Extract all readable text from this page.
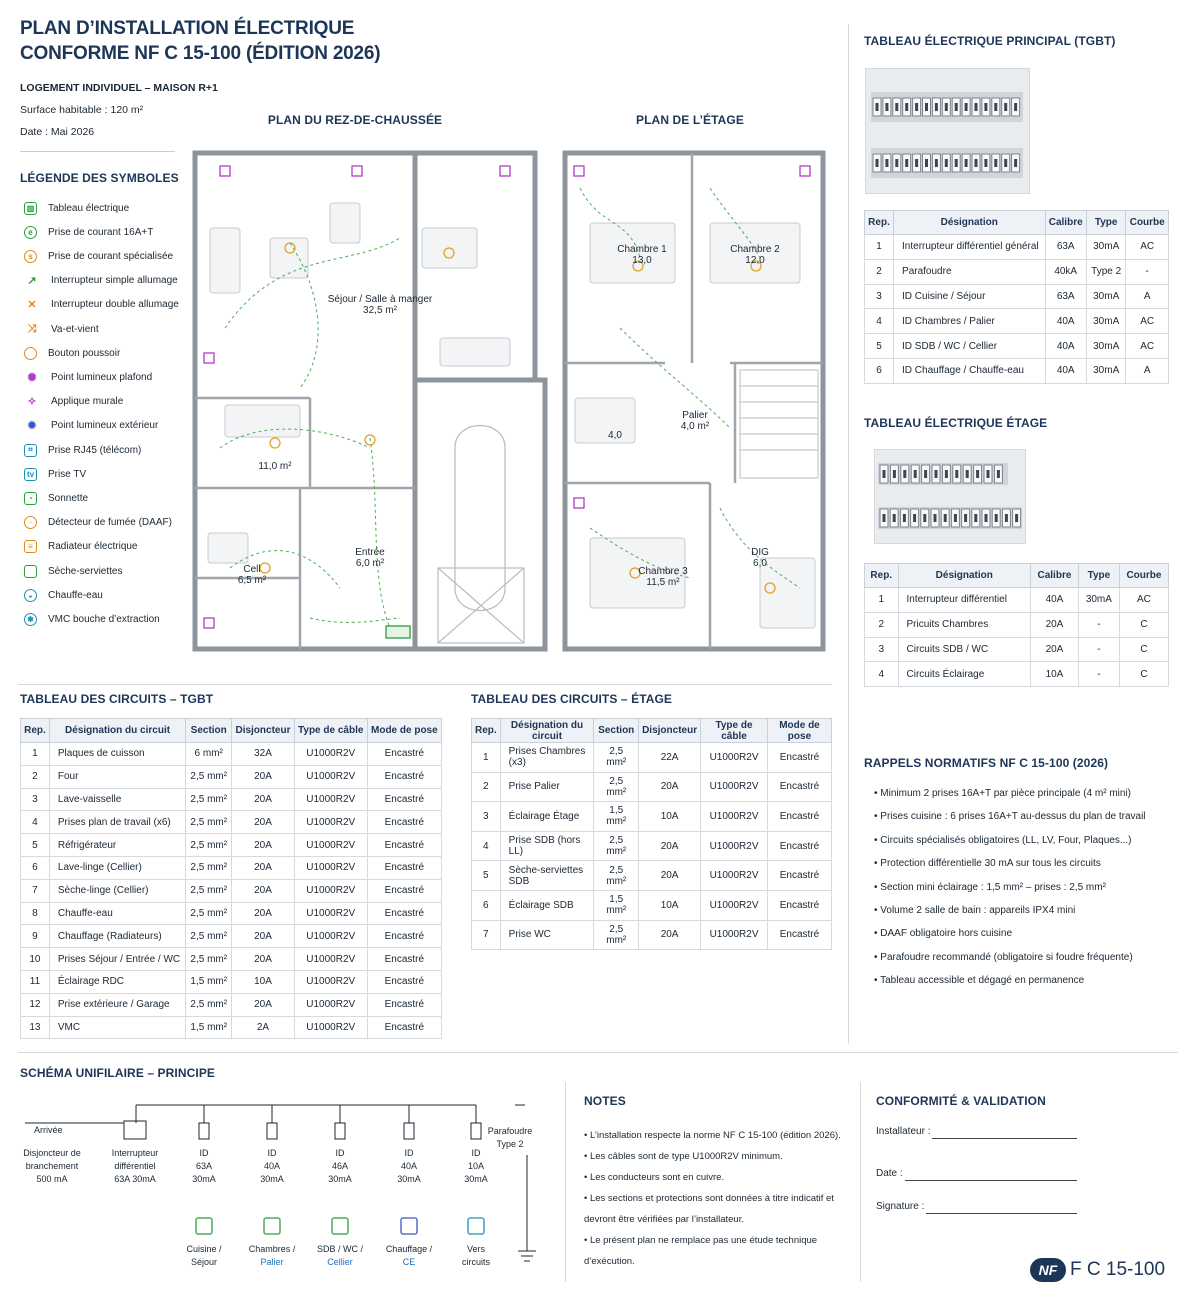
PLAN D’INSTALLATION ÉLECTRIQUE
CONFORME NF C 15-100 (ÉDITION 2026)
LOGEMENT INDIVIDUEL – MAISON R+1
Surface habitable : 120 m²
Date : Mai 2026
LÉGENDE DES SYMBOLES
▥ Tableau électrique
e	Prise de courant 16A+T
s	Prise de courant spécialisée
↗	Interrupteur simple allumage
✕	Interrupteur double allumage
⤨	Va-et-vient
Bouton poussoir
✺	Point lumineux plafond
✧	Applique murale
✹	Point lumineux extérieur
⌗	Prise RJ45 (télécom)
tv Prise TV
◔	Sonnette
◦	Détecteur de fumée (DAAF)
≡	Radiateur électrique
Sèche-serviettes
◒	Chauffe-eau
✱	VMC bouche d’extraction
PLAN DU REZ-DE-CHAUSSÉE	PLAN DE L’ÉTAGE
Séjour / Salle à manger
32,5 m²
11,0 m²
Entrée
6,0 m²
Cell
6,5 m²
Chambre 1
13,0
Chambre 2
12,0
Palier
4,0 m²
Chambre 3
11,5 m²
DIG
6,0
4,0
TABLEAU ÉLECTRIQUE PRINCIPAL (TGBT)
Rep.	Désignation	Calibre	Type	Courbe
1	Interrupteur différentiel général	63A	30mA	AC
2	Parafoudre	40kA	Type 2	-
3	ID Cuisine / Séjour	63A	30mA	A
4	ID Chambres / Palier	40A	30mA	AC
5	ID SDB / WC / Cellier	40A	30mA	AC
6	ID Chauffage / Chauffe-eau	40A	30mA	A
TABLEAU ÉLECTRIQUE ÉTAGE
Rep.	Désignation	Calibre	Type	Courbe
1	Interrupteur différentiel	40A	30mA	AC
2	Pricuits Chambres	20A	-	C
3	Circuits SDB / WC	20A	-	C
4	Circuits Éclairage	10A	-	C
RAPPELS NORMATIFS NF C 15-100 (2026)
• Minimum 2 prises 16A+T par pièce principale (4 m² mini)
• Prises cuisine : 6 prises 16A+T au-dessus du plan de travail
• Circuits spécialisés obligatoires (LL, LV, Four, Plaques...)
• Protection différentielle 30 mA sur tous les circuits
• Section mini éclairage : 1,5 mm² – prises : 2,5 mm²
• Volume 2 salle de bain : appareils IPX4 mini
• DAAF obligatoire hors cuisine
• Parafoudre recommandé (obligatoire si foudre fréquente)
• Tableau accessible et dégagé en permanence
TABLEAU DES CIRCUITS – TGBT
Rep.	Désignation du circuit	Section	Disjoncteur	Type de câble	Mode de pose
1	Plaques de cuisson	6 mm²	32A	U1000R2V	Encastré
2	Four	2,5 mm²	20A	U1000R2V	Encastré
3	Lave-vaisselle	2,5 mm²	20A	U1000R2V	Encastré
4	Prises plan de travail (x6)	2,5 mm²	20A	U1000R2V	Encastré
5	Réfrigérateur	2,5 mm²	20A	U1000R2V	Encastré
6	Lave-linge (Cellier)	2,5 mm²	20A	U1000R2V	Encastré
7	Sèche-linge (Cellier)	2,5 mm²	20A	U1000R2V	Encastré
8	Chauffe-eau	2,5 mm²	20A	U1000R2V	Encastré
9	Chauffage (Radiateurs)	2,5 mm²	20A	U1000R2V	Encastré
10	Prises Séjour / Entrée / WC	2,5 mm²	20A	U1000R2V	Encastré
11	Éclairage RDC	1,5 mm²	10A	U1000R2V	Encastré
12	Prise extérieure / Garage	2,5 mm²	20A	U1000R2V	Encastré
13	VMC	1,5 mm²	2A	U1000R2V	Encastré
TABLEAU DES CIRCUITS – ÉTAGE
Rep.	Désignation du circuit	Section	Disjoncteur	Type de câble	Mode de pose
1	Prises Chambres (x3)	2,5 mm²	22A	U1000R2V	Encastré
2	Prise Palier	2,5 mm²	20A	U1000R2V	Encastré
3	Éclairage Étage	1,5 mm²	10A	U1000R2V	Encastré
4	Prise SDB (hors LL)	2,5 mm²	20A	U1000R2V	Encastré
5	Sèche-serviettes SDB	2,5 mm²	20A	U1000R2V	Encastré
6	Éclairage SDB	1,5 mm²	10A	U1000R2V	Encastré
7	Prise WC	2,5 mm²	20A	U1000R2V	Encastré
SCHÉMA UNIFILAIRE – PRINCIPE
Arrivée
Disjoncteur de
branchement
500 mA
Interrupteur
différentiel
63A 30mA
ID
63A
30mA
Cuisine /
Séjour
ID
40A
30mA
Chambres /
Palier
ID
46A
30mA
SDB / WC /
Cellier
ID
40A
30mA
Chauffage /
CE
ID
10A
30mA
Vers
circuits
Parafoudre
Type 2
NOTES
• L’installation respecte la norme NF C 15-100 (édition 2026).
• Les câbles sont de type U1000R2V minimum.
• Les conducteurs sont en cuivre.
• Les sections et protections sont données à titre indicatif et
devront être vérifiées par l’installateur.
• Le présent plan ne remplace pas une étude technique
d’exécution.
CONFORMITÉ & VALIDATION
Installateur :
Date :
Signature :
NF F C 15-100
